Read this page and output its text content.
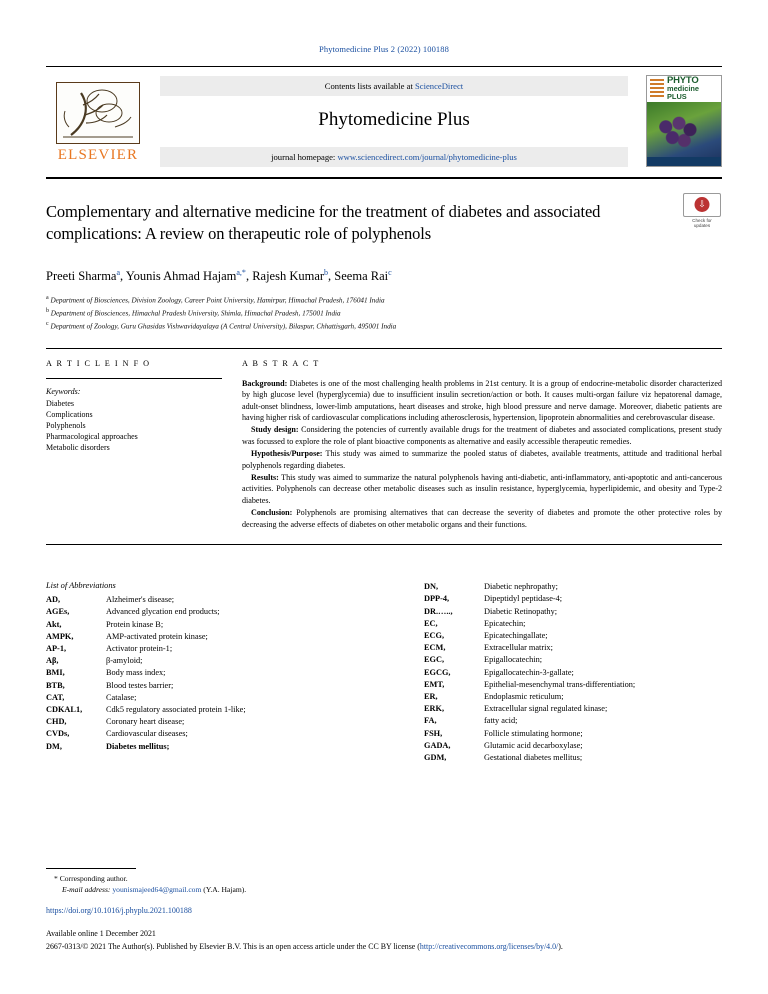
Phytomedicine Plus 2 (2022) 100188
ELSEVIER
Contents lists available at ScienceDirect
Phytomedicine Plus
journal homepage: www.sciencedirect.com/journal/phytomedicine-plus
PHYTO
medicine
PLUS
⇩
Check for
updates
Complementary and alternative medicine for the treatment of diabetes and associated complications: A review on therapeutic role of polyphenols
Preeti Sharma$^a$, Younis Ahmad Hajam$^{a,*}$, Rajesh Kumar$^b$, Seema Rai$^c$
$^a$ Department of Biosciences, Division Zoology, Career Point University, Hamirpur, Himachal Pradesh, 176041 India
$^b$ Department of Biosciences, Himachal Pradesh University, Shimla, Himachal Pradesh, 175001 India
$^c$ Department of Zoology, Guru Ghasidas Vishwavidayalaya (A Central University), Bilaspur, Chhattisgarh, 495001 India
A R T I C L E I N F O
Keywords:
Diabetes
Complications
Polyphenols
Pharmacological approaches
Metabolic disorders
A B S T R A C T

Background: Diabetes is one of the most challenging health problems in 21st century. It is a group of endocrine-metabolic disorder characterized by high glucose level (hyperglycemia) due to insufficient insulin secretion/action or both. It causes multi-organ failure viz hepatorenal damage, adult-onset blindness, lower-limb amputations, heart diseases and stroke, high blood pressure and nerve damage. Moreover, diabetic patients are having higher risk of cardiovascular complications including atherosclerosis, hypertension, lipoprotein abnormalities and cerebrovascular disease.

Study design: Considering the potencies of currently available drugs for the treatment of diabetes and associated complications, present study was focussed to explore the role of plant bioactive components as alternative and easily accessible therapeutic remedies.

Hypothesis/Purpose: This study was aimed to summarize the pooled status of diabetes, available treatments, attitude and traditional herbal polyphenols regarding diabetes.

Results: This study was aimed to summarize the natural polyphenols having anti-diabetic, anti-inflammatory, anti-apoptotic and anti-cancerous activities. Polyphenols can decrease other metabolic diseases such as insulin resistance, hyperglycemia, hyperlipidemic, and obesity and Type-2 diabetes.

Conclusion: Polyphenols are promising alternatives that can decrease the severity of diabetes and promote the other protective roles by decreasing the adverse effects of diabetes on other metabolic organs and their functions.

List of Abbreviations
AD,	Alzheimer's disease;
AGEs,	Advanced glycation end products;
Akt,	Protein kinase B;
AMPK,	AMP-activated protein kinase;
AP-1,	Activator protein-1;
Aβ,	β-amyloid;
BMI,	Body mass index;
BTB,	Blood testes barrier;
CAT,	Catalase;
CDKAL1,	Cdk5 regulatory associated protein 1-like;
CHD,	Coronary heart disease;
CVDs,	Cardiovascular diseases;
DM,	Diabetes mellitus;
DN,	Diabetic nephropathy;
DPP-4,	Dipeptidyl peptidase-4;
DR.…..,	Diabetic Retinopathy;
EC,	Epicatechin;
ECG,	Epicatechingallate;
ECM,	Extracellular matrix;
EGC,	Epigallocatechin;
EGCG,	Epigallocatechin-3-gallate;
EMT,	Epithelial-mesenchymal trans-differentiation;
ER,	Endoplasmic reticulum;
ERK,	Extracellular signal regulated kinase;
FA,	fatty acid;
FSH,	Follicle stimulating hormone;
GADA,	Glutamic acid decarboxylase;
GDM,	Gestational diabetes mellitus;
* Corresponding author.
E-mail address: younismajeed64@gmail.com (Y.A. Hajam).
https://doi.org/10.1016/j.phyplu.2021.100188
Available online 1 December 2021
2667-0313/© 2021 The Author(s). Published by Elsevier B.V. This is an open access article under the CC BY license (http://creativecommons.org/licenses/by/4.0/).
